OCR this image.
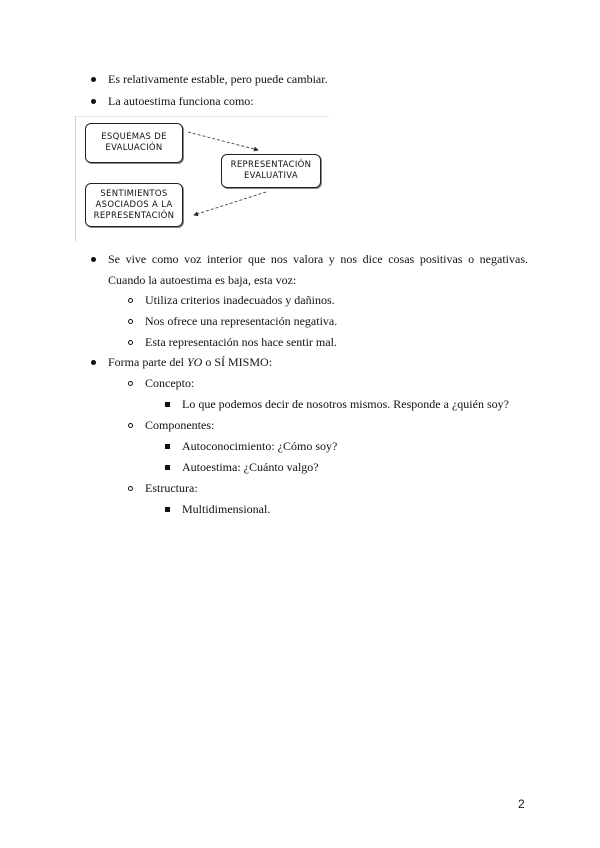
Es relativamente estable, pero puede cambiar.
La autoestima funciona como:
ESQUEMAS DE
EVALUACIÓN
REPRESENTACIÓN
EVALUATIVA
SENTIMIENTOS
ASOCIADOS A LA
REPRESENTACIÓN
Se vive como voz interior que nos valora y nos dice cosas positivas o negativas.
Cuando la autoestima es baja, esta voz:
Utiliza criterios inadecuados y dañinos.
Nos ofrece una representación negativa.
Esta representación nos hace sentir mal.
Forma parte del YO o SÍ MISMO:
Concepto:
Lo que podemos decir de nosotros mismos. Responde a ¿quién soy?
Componentes:
Autoconocimiento: ¿Cómo soy?
Autoestima: ¿Cuánto valgo?
Estructura:
Multidimensional.
2
